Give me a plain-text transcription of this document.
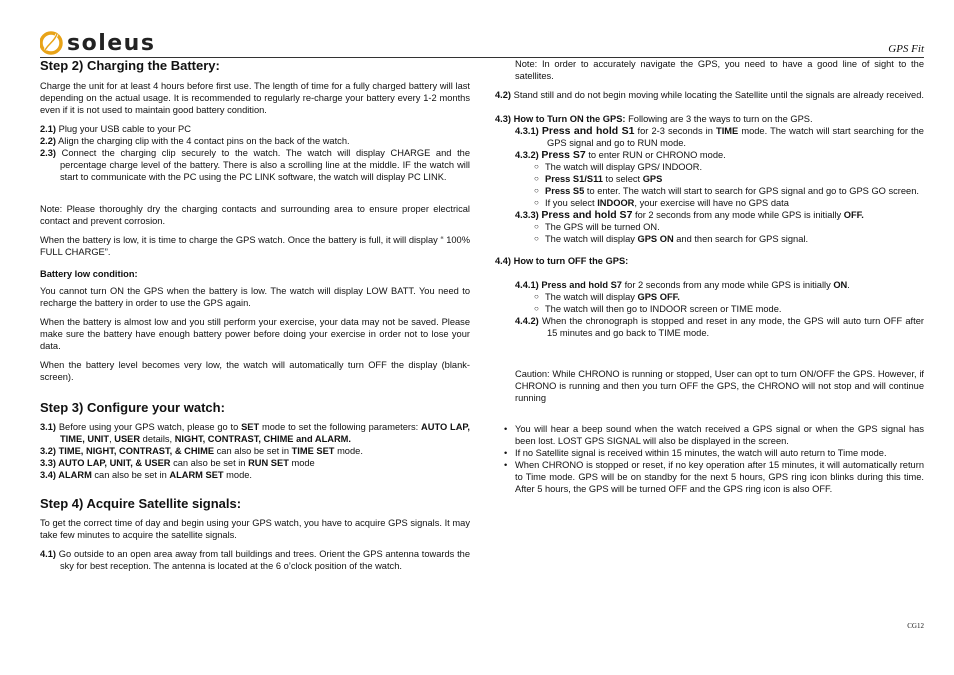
soleus	GPS Fit
Step 2) Charging the Battery:

Charge the unit for at least 4 hours before first use. The length of time for a fully charged battery will last depending on the actual usage. It is recommended to regularly re-charge your battery every 1-2 months even if it is not used to maintain good battery condition.

2.1) Plug your USB cable to your PC
2.2) Align the charging clip with the 4 contact pins on the back of the watch.
2.3) Connect the charging clip securely to the watch. The watch will display CHARGE and the percentage charge level of the battery. There is also a scrolling line at the middle. IF the watch will start to communicate with the PC using the PC LINK software, the watch will display PC LINK.

Note: Please thoroughly dry the charging contacts and surrounding area to ensure proper electrical contact and prevent corrosion.

When the battery is low, it is time to charge the GPS watch. Once the battery is full, it will display “ 100% FULL CHARGE”.

Battery low condition:

You cannot turn ON the GPS when the battery is low. The watch will display LOW BATT. You need to recharge the battery in order to use the GPS again.

When the battery is almost low and you still perform your exercise, your data may not be saved. Please make sure the battery have enough battery power before doing your exercise in order not to lose your data.

When the battery level becomes very low, the watch will automatically turn OFF the display (blank-screen).

Step 3) Configure your watch:
3.1) Before using your GPS watch, please go to SET mode to set the following parameters: AUTO LAP, TIME, UNIT, USER details, NIGHT, CONTRAST, CHIME and ALARM.

3.2) TIME, NIGHT, CONTRAST, & CHIME can also be set in TIME SET mode.

3.3) AUTO LAP, UNIT, & USER can also be set in RUN SET mode

3.4) ALARM can also be set in ALARM SET mode.

Step 4) Acquire Satellite signals:

To get the correct time of day and begin using your GPS watch, you have to acquire GPS signals. It may take few minutes to acquire the satellite signals.

4.1) Go outside to an open area away from tall buildings and trees. Orient the GPS antenna towards the sky for best reception. The antenna is located at the 6 o’clock position of the watch.

Note: In order to accurately navigate the GPS, you need to have a good line of sight to the satellites.

4.2) Stand still and do not begin moving while locating the Satellite until the signals are already received.

4.3) How to Turn ON the GPS: Following are 3 the ways to turn on the GPS.

4.3.1) Press and hold S1 for 2-3 seconds in TIME mode. The watch will start searching for the GPS signal and go to RUN mode.
4.3.2) Press S7 to enter RUN or CHRONO mode.
○ The watch will display GPS/ INDOOR.
○ Press S1/S11 to select GPS
○ Press S5 to enter. The watch will start to search for GPS signal and go to GPS GO screen.
○ If you select INDOOR, your exercise will have no GPS data
4.3.3) Press and hold S7 for 2 seconds from any mode while GPS is initially OFF.
○ The GPS will be turned ON.
○ The watch will display GPS ON and then search for GPS signal.

4.4) How to turn OFF the GPS:

4.4.1) Press and hold S7 for 2 seconds from any mode while GPS is initially ON.
○ The watch will display GPS OFF.
○ The watch will then go to INDOOR screen or TIME mode.
4.4.2) When the chronograph is stopped and reset in any mode, the GPS will auto turn OFF after 15 minutes and go back to TIME mode.

Caution: While CHRONO is running or stopped, User can opt to turn ON/OFF the GPS. However, if CHRONO is running and then you turn OFF the GPS, the CHRONO will not stop and will continue running

• You will hear a beep sound when the watch received a GPS signal or when the GPS signal has been lost. LOST GPS SIGNAL will also be displayed in the screen.
• If no Satellite signal is received within 15 minutes, the watch will auto return to Time mode.
• When CHRONO is stopped or reset, if no key operation after 15 minutes, it will automatically return to Time mode. GPS will be on standby for the next 5 hours, GPS ring icon blinks during this time. After 5 hours, the GPS will be turned OFF and the GPS ring icon is also OFF.
CG12
